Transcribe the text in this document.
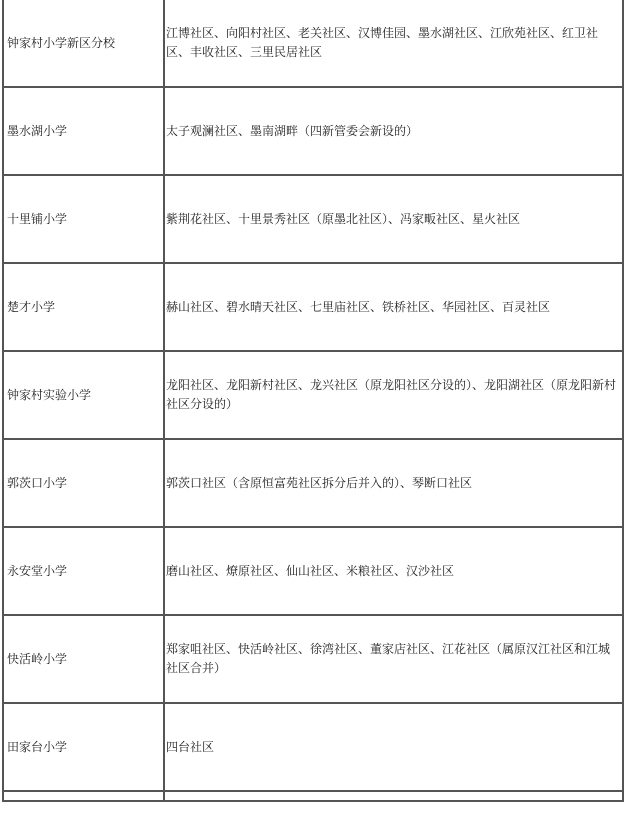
钟家村小学新区分校	江博社区、向阳村社区、老关社区、汉博佳园、墨水湖社区、江欣苑社区、红卫社区、丰收社区、三里民居社区
墨水湖小学	太子观澜社区、墨南湖畔（四新管委会新设的）
十里铺小学	紫荆花社区、十里景秀社区（原墨北社区）、冯家畈社区、星火社区
楚才小学	赫山社区、碧水晴天社区、七里庙社区、铁桥社区、华园社区、百灵社区
钟家村实验小学	龙阳社区、龙阳新村社区、龙兴社区（原龙阳社区分设的）、龙阳湖社区（原龙阳新村社区分设的）
郭茨口小学	郭茨口社区（含原恒富苑社区拆分后并入的）、琴断口社区
永安堂小学	磨山社区、燎原社区、仙山社区、米粮社区、汉沙社区
快活岭小学	郑家咀社区、快活岭社区、徐湾社区、董家店社区、江花社区（属原汉江社区和江城社区合并）
田家台小学	四台社区
